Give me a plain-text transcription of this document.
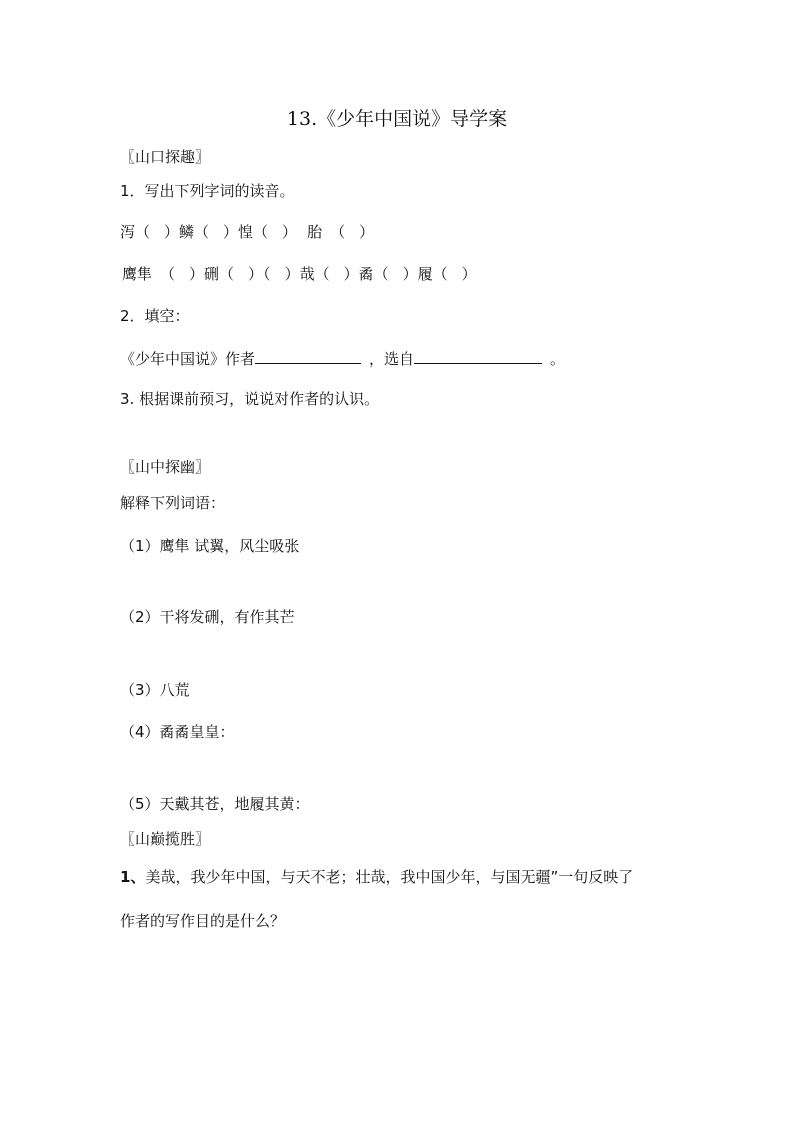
13.《少年中国说》导学案
〖山口探趣〗
1．写出下列字词的读音。
泻（ ）鳞（ ）惶（ ） 胎 （ ）
鹰隼 （ ）硎（ ）（ ）哉（ ）矞（ ）履（ ）
2．填空：
《少年中国说》作者	，选自	。
3. 根据课前预习，说说对作者的认识。
〖山中探幽〗
解释下列词语：
（1）鹰隼 试翼，风尘吸张
（2）干将发硎，有作其芒
（3）八荒
（4）矞矞皇皇：
（5）天戴其苍，地履其黄：
〖山巅揽胜〗
1、美哉，我少年中国，与天不老；壮哉，我中国少年，与国无疆”一句反映了
作者的写作目的是什么？
